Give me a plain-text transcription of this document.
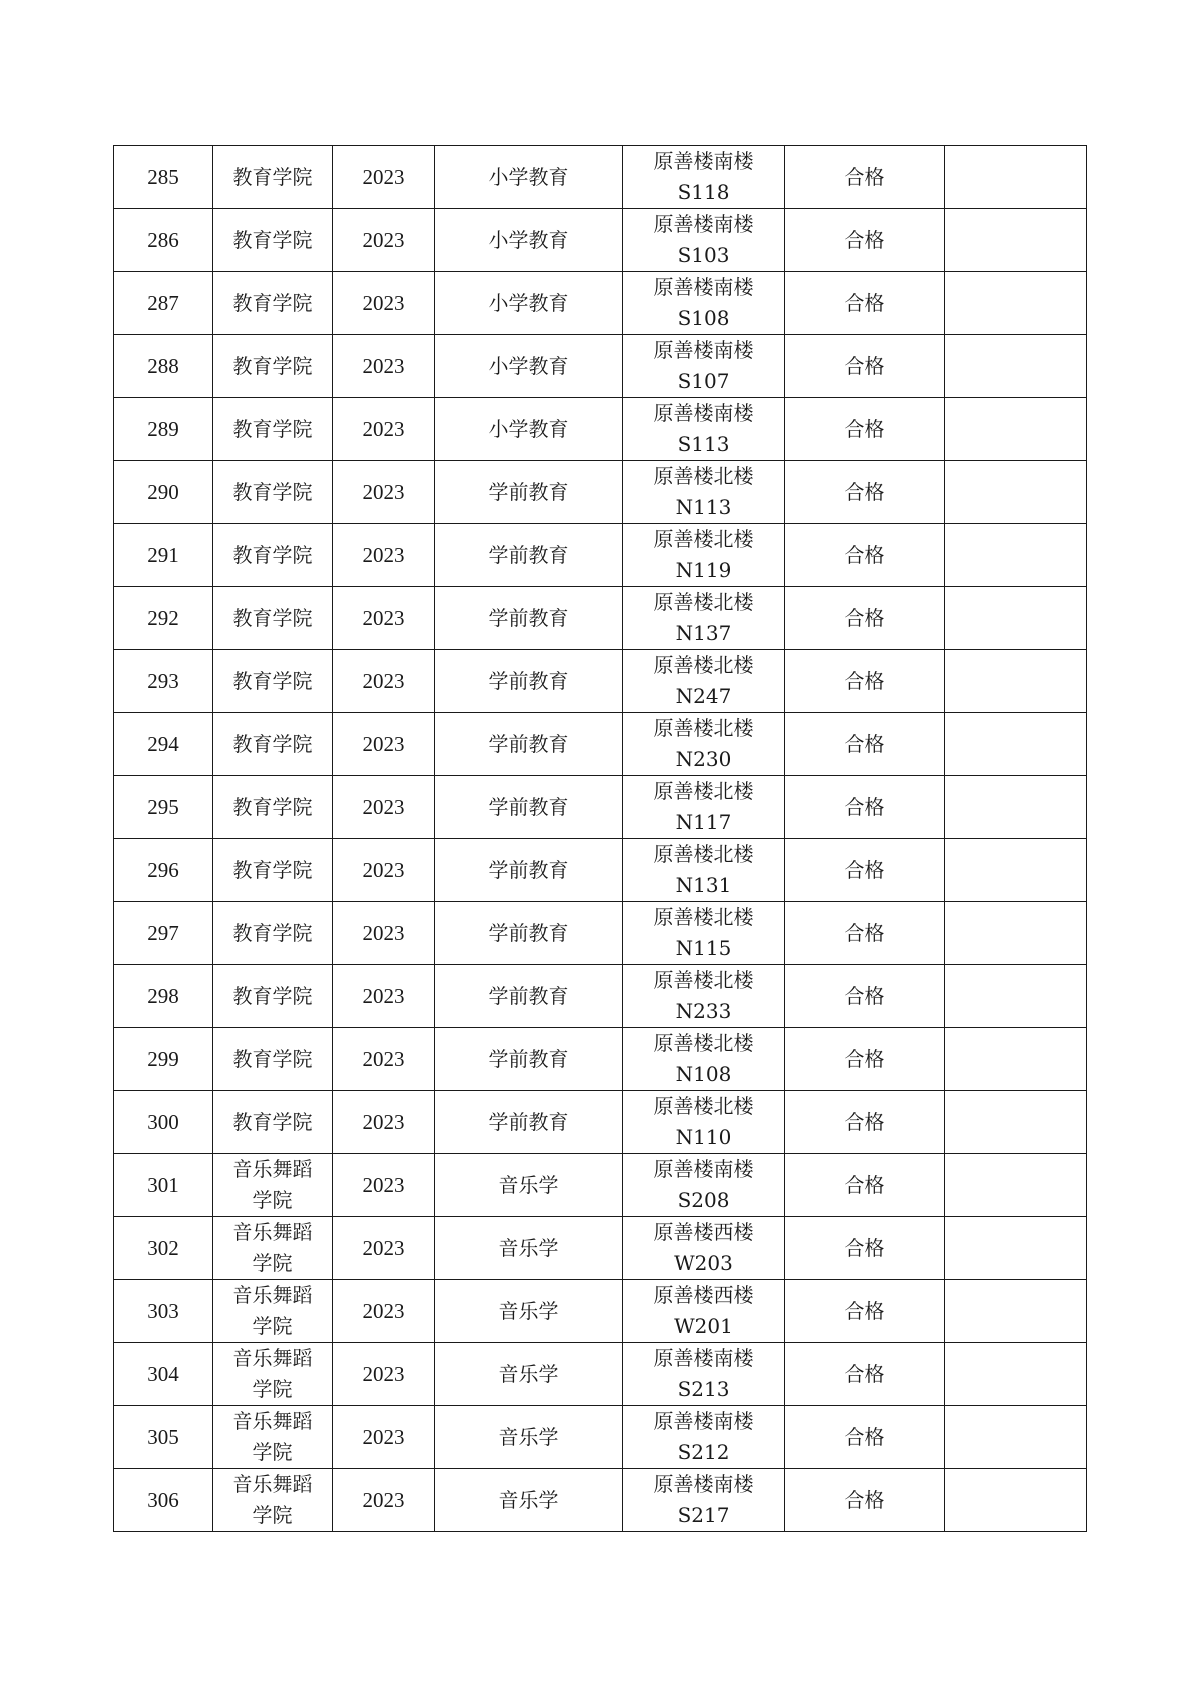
285	教育学院	2023	小学教育	原善楼南楼
S118	合格	
286	教育学院	2023	小学教育	原善楼南楼
S103	合格	
287	教育学院	2023	小学教育	原善楼南楼
S108	合格	
288	教育学院	2023	小学教育	原善楼南楼
S107	合格	
289	教育学院	2023	小学教育	原善楼南楼
S113	合格	
290	教育学院	2023	学前教育	原善楼北楼
N113	合格	
291	教育学院	2023	学前教育	原善楼北楼
N119	合格	
292	教育学院	2023	学前教育	原善楼北楼
N137	合格	
293	教育学院	2023	学前教育	原善楼北楼
N247	合格	
294	教育学院	2023	学前教育	原善楼北楼
N230	合格	
295	教育学院	2023	学前教育	原善楼北楼
N117	合格	
296	教育学院	2023	学前教育	原善楼北楼
N131	合格	
297	教育学院	2023	学前教育	原善楼北楼
N115	合格	
298	教育学院	2023	学前教育	原善楼北楼
N233	合格	
299	教育学院	2023	学前教育	原善楼北楼
N108	合格	
300	教育学院	2023	学前教育	原善楼北楼
N110	合格	
301	音乐舞蹈
学院	2023	音乐学	原善楼南楼
S208	合格	
302	音乐舞蹈
学院	2023	音乐学	原善楼西楼
W203	合格	
303	音乐舞蹈
学院	2023	音乐学	原善楼西楼
W201	合格	
304	音乐舞蹈
学院	2023	音乐学	原善楼南楼
S213	合格	
305	音乐舞蹈
学院	2023	音乐学	原善楼南楼
S212	合格	
306	音乐舞蹈
学院	2023	音乐学	原善楼南楼
S217	合格	
